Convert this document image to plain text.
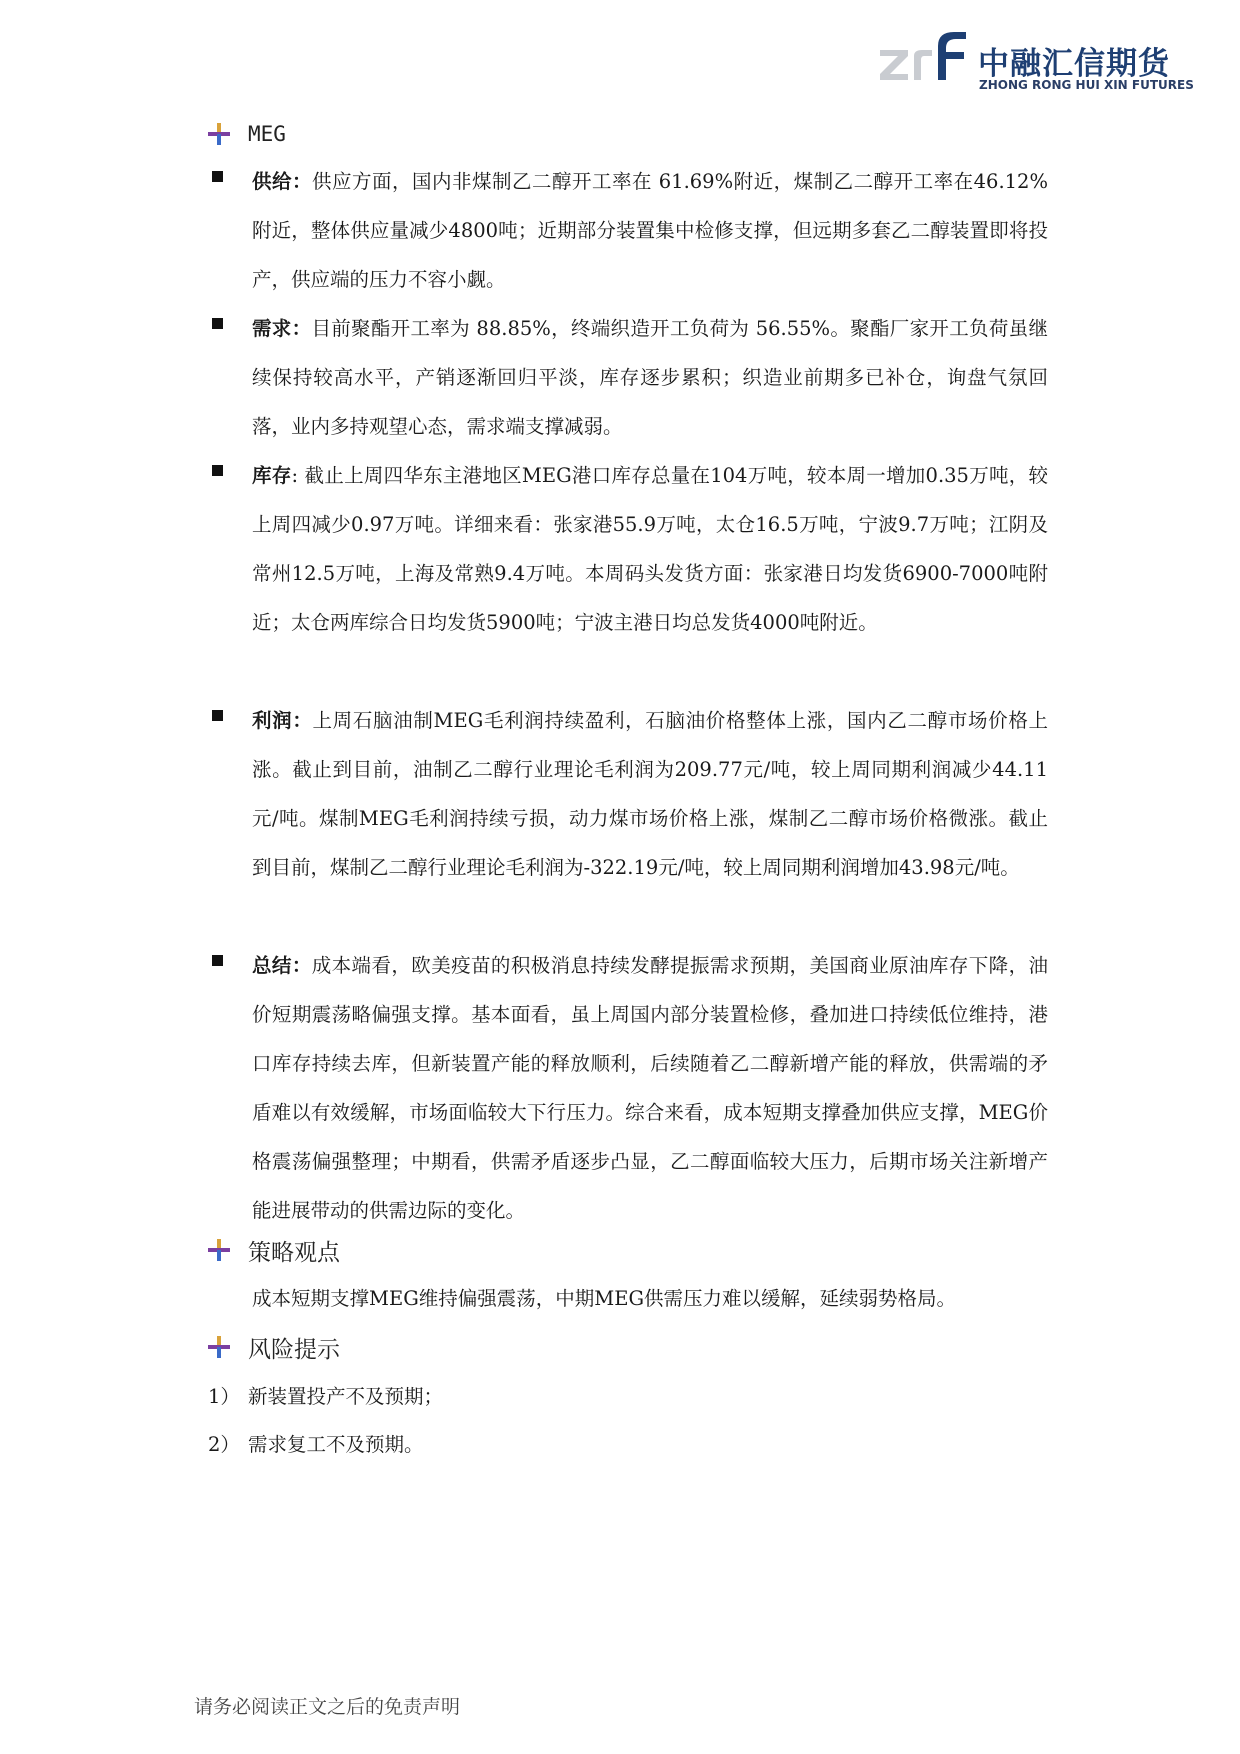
中融汇信期货
ZHONG RONG HUI XIN FUTURES
MEG
供给：供应方面，国内非煤制乙二醇开工率在 61.69%附近，煤制乙二醇开工率在46.12%附近，整体供应量减少4800吨；近期部分装置集中检修支撑，但远期多套乙二醇装置即将投产，供应端的压力不容小觑。
需求：目前聚酯开工率为 88.85%，终端织造开工负荷为 56.55%。聚酯厂家开工负荷虽继续保持较高水平，产销逐渐回归平淡，库存逐步累积；织造业前期多已补仓，询盘气氛回落，业内多持观望心态，需求端支撑减弱。
库存: 截止上周四华东主港地区MEG港口库存总量在104万吨，较本周一增加0.35万吨，较上周四减少0.97万吨。详细来看：张家港55.9万吨，太仓16.5万吨，宁波9.7万吨；江阴及常州12.5万吨，上海及常熟9.4万吨。本周码头发货方面：张家港日均发货6900-7000吨附近；太仓两库综合日均发货5900吨；宁波主港日均总发货4000吨附近。
利润：上周石脑油制MEG毛利润持续盈利，石脑油价格整体上涨，国内乙二醇市场价格上涨。截止到目前，油制乙二醇行业理论毛利润为209.77元/吨，较上周同期利润减少44.11元/吨。煤制MEG毛利润持续亏损，动力煤市场价格上涨，煤制乙二醇市场价格微涨。截止到目前，煤制乙二醇行业理论毛利润为-322.19元/吨，较上周同期利润增加43.98元/吨。
总结：成本端看，欧美疫苗的积极消息持续发酵提振需求预期，美国商业原油库存下降，油价短期震荡略偏强支撑。基本面看，虽上周国内部分装置检修，叠加进口持续低位维持，港口库存持续去库，但新装置产能的释放顺利，后续随着乙二醇新增产能的释放，供需端的矛盾难以有效缓解，市场面临较大下行压力。综合来看，成本短期支撑叠加供应支撑，MEG价格震荡偏强整理；中期看，供需矛盾逐步凸显，乙二醇面临较大压力，后期市场关注新增产能进展带动的供需边际的变化。
策略观点
成本短期支撑MEG维持偏强震荡，中期MEG供需压力难以缓解，延续弱势格局。
风险提示
1） 新装置投产不及预期；
2） 需求复工不及预期。
请务必阅读正文之后的免责声明
